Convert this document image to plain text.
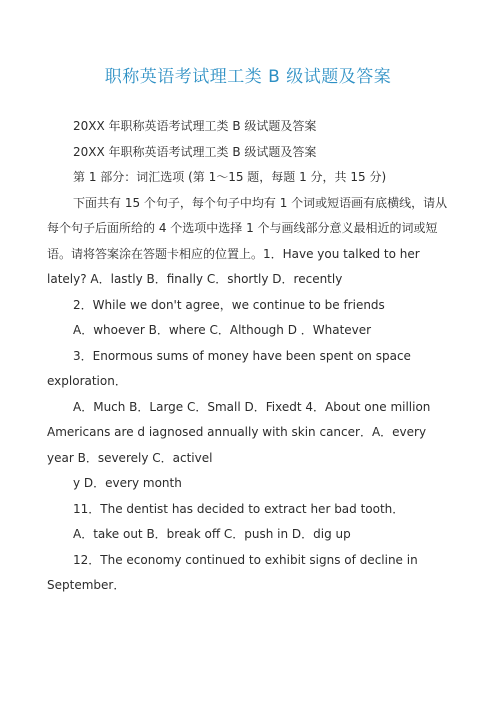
职称英语考试理工类 B 级试题及答案

20XX 年职称英语考试理工类 B 级试题及答案

20XX 年职称英语考试理工类 B 级试题及答案

第 1 部分：词汇选项 (第 1～15 题，每题 1 分，共 15 分)

下面共有 15 个句子，每个句子中均有 1 个词或短语画有底横线，请从每个句子后面所给的 4 个选项中选择 1 个与画线部分意义最相近的词或短语。请将答案涂在答题卡相应的位置上。1．Have you talked to her lately? A．lastly B．finally C．shortly D．recently

2．While we don't agree，we continue to be friends

A．whoever B．where C．Although D ．Whatever

3．Enormous sums of money have been spent on space exploration．

A．Much B．Large C．Small D．Fixedt 4．About one million Americans are d iagnosed annually with skin cancer．A．every year B．severely C．activel

y D．every month

11．The dentist has decided to extract her bad tooth．

A．take out B．break off C．push in D．dig up

12．The economy continued to exhibit signs of decline in September．
